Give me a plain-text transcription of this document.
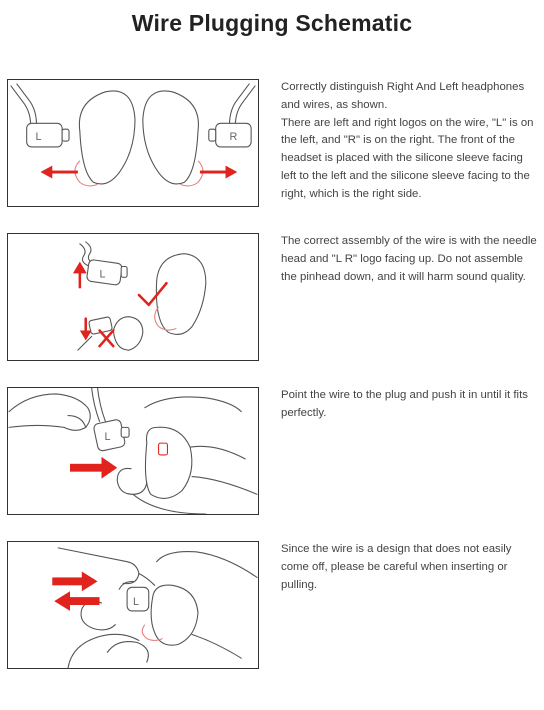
Wire Plugging Schematic
L	R

Correctly distinguish Right And Left headphones and wires, as shown.

There are left and right logos on the wire, "L" is on the left, and "R" is on the right. The front of the headset is placed with the silicone sleeve facing left to the left and the silicone sleeve facing to the right, which is the right side.

L

The correct assembly of the wire is with the needle head and "L R" logo facing up. Do not assemble the pinhead down, and it will harm sound quality.

L

Point the wire to the plug and push it in until it fits perfectly.

L

Since the wire is a design that does not easily come off, please be careful when inserting or pulling.
